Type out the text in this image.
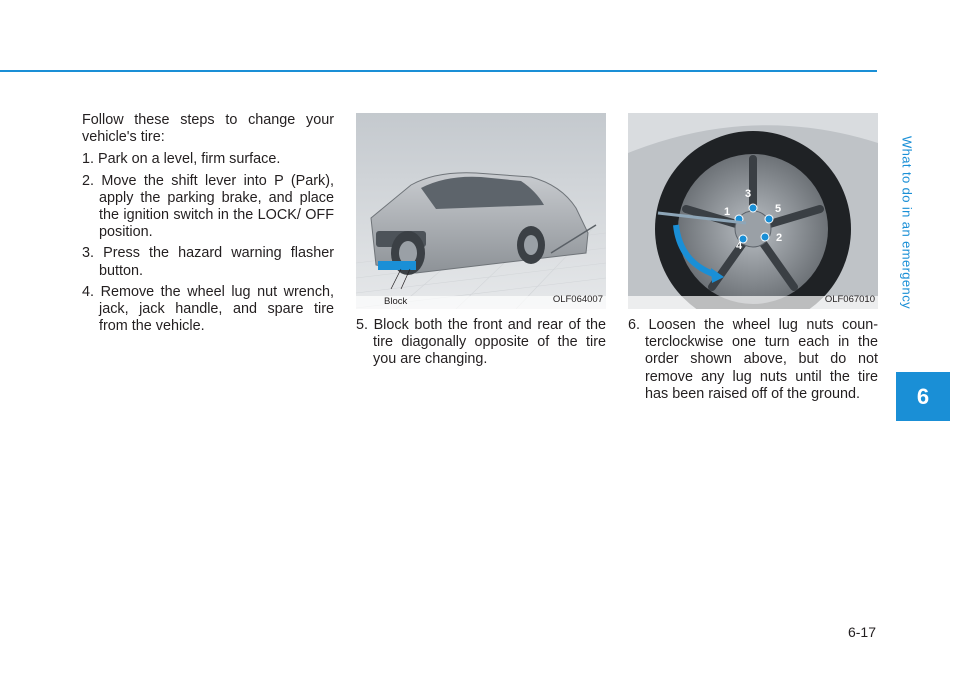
What to do in an emergency
6

Follow these steps to change your vehicle's tire:

1. Park on a level, firm surface.

2. Move the shift lever into P (Park), apply the parking brake, and place the ignition switch in the LOCK/ OFF position.

3. Press the hazard warning flasher button.

4. Remove the wheel lug nut wrench, jack, jack handle, and spare tire from the vehicle.

Block	OLF064007

5. Block both the front and rear of the tire diagonally opposite of the tire you are changing.

1
2
3
4
5
OLF067010

6. Loosen the wheel lug nuts coun- terclockwise one turn each in the order shown above, but do not remove any lug nuts until the tire has been raised off of the ground.

6-17
